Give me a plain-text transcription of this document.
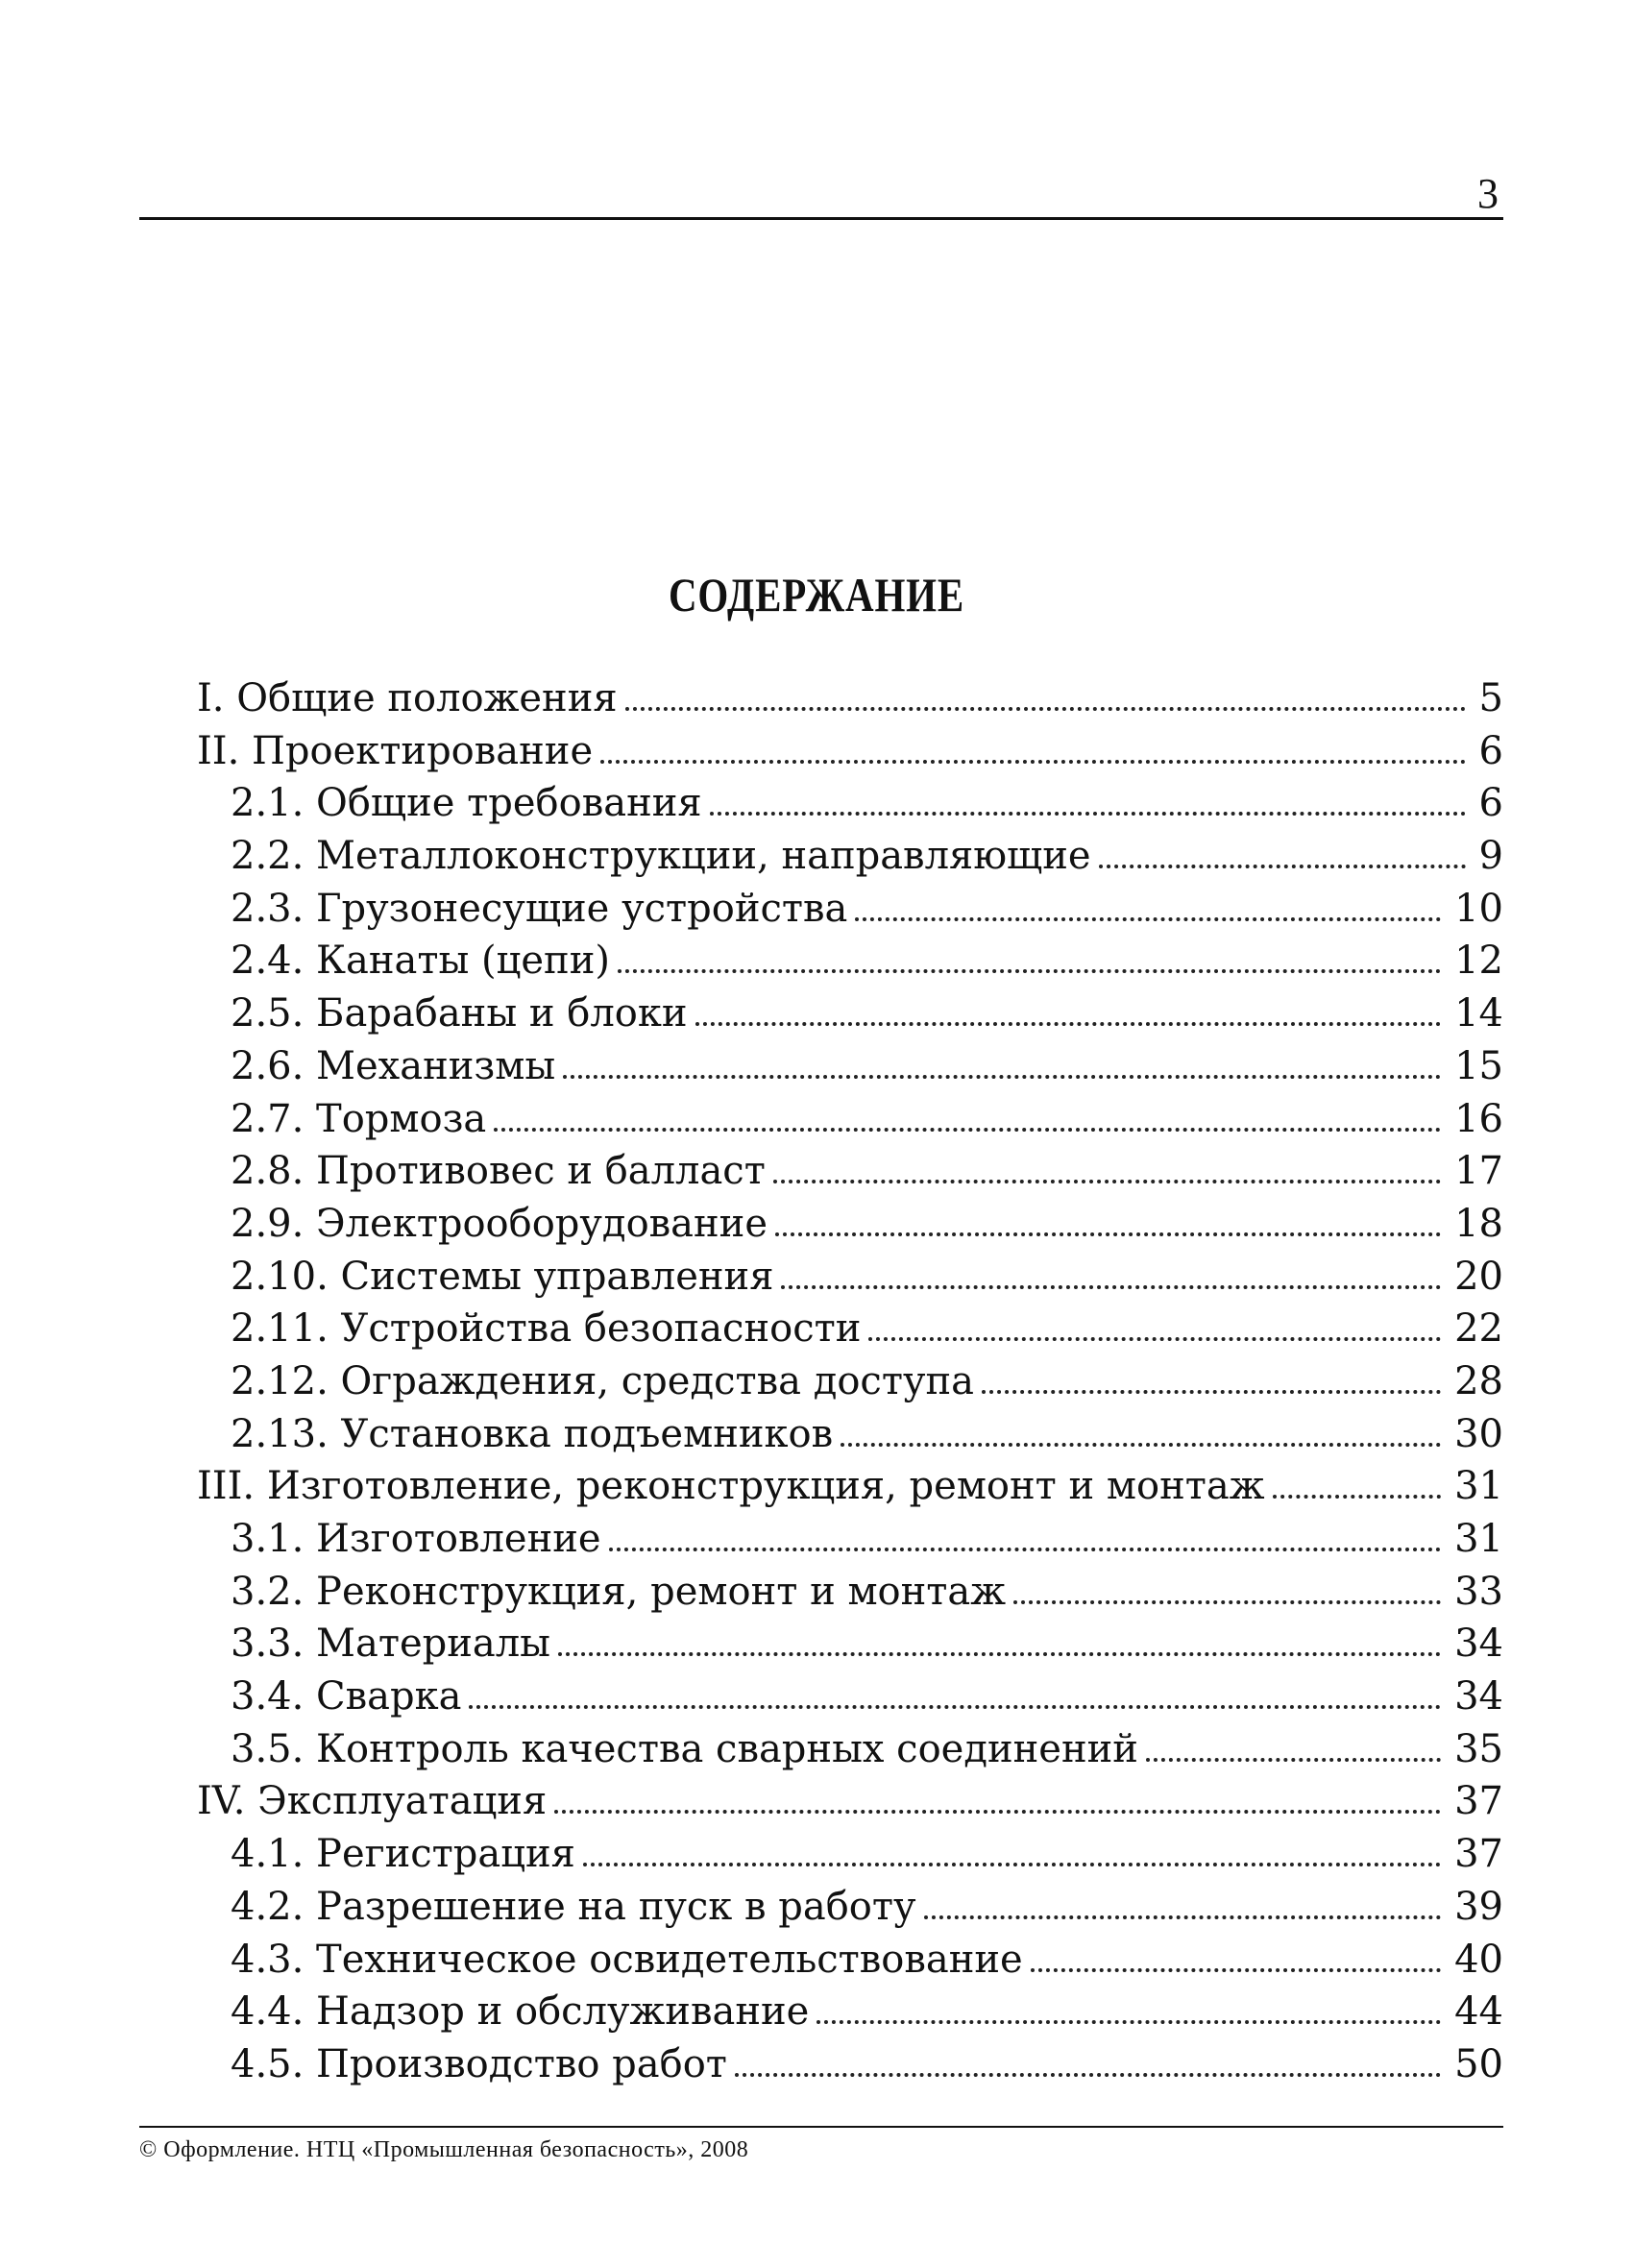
3
СОДЕРЖАНИЕ
I. Общие положения	5
II. Проектирование	6
2.1. Общие требования	6
2.2. Металлоконструкции, направляющие	9
2.3. Грузонесущие устройства	10
2.4. Канаты (цепи)	12
2.5. Барабаны и блоки	14
2.6. Механизмы	15
2.7. Тормоза	16
2.8. Противовес и балласт	17
2.9. Электрооборудование	18
2.10. Системы управления	20
2.11. Устройства безопасности	22
2.12. Ограждения, средства доступа	28
2.13. Установка подъемников	30
III. Изготовление, реконструкция, ремонт и монтаж	31
3.1. Изготовление	31
3.2. Реконструкция, ремонт и монтаж	33
3.3. Материалы	34
3.4. Сварка	34
3.5. Контроль качества сварных соединений	35
IV. Эксплуатация	37
4.1. Регистрация	37
4.2. Разрешение на пуск в работу	39
4.3. Техническое освидетельствование	40
4.4. Надзор и обслуживание	44
4.5. Производство работ	50
© Оформление. НТЦ «Промышленная безопасность», 2008
